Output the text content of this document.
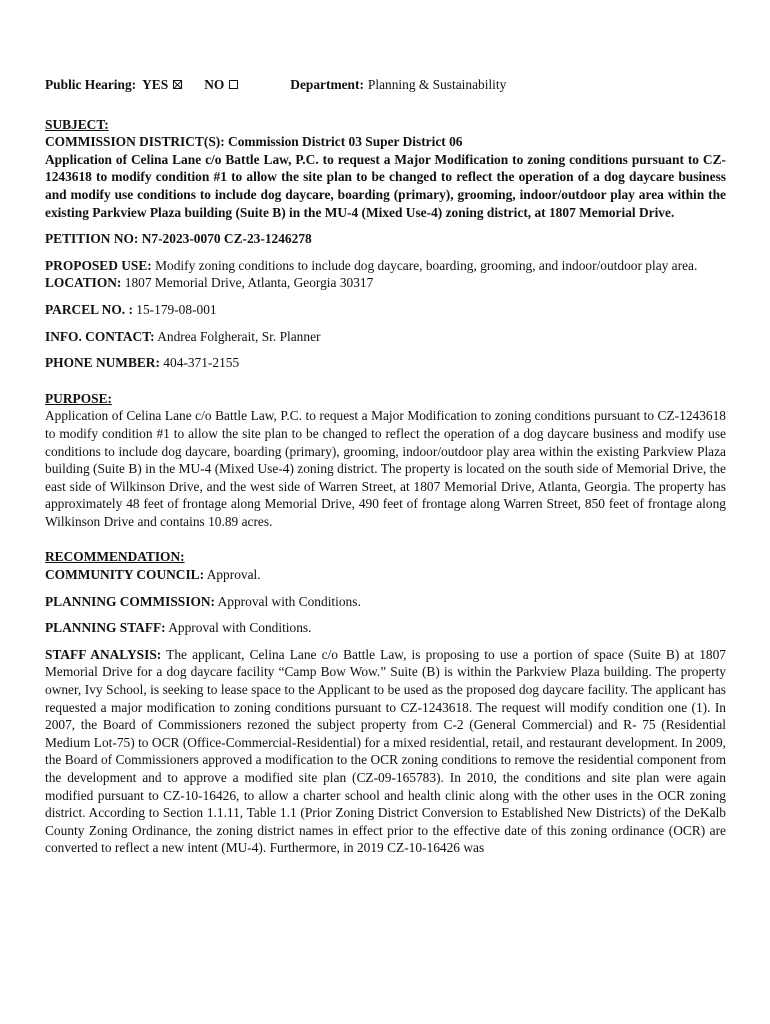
Public Hearing: YES	NO	Department: Planning & Sustainability
SUBJECT:
COMMISSION DISTRICT(S): Commission District 03 Super District 06

Application of Celina Lane c/o Battle Law, P.C. to request a Major Modification to zoning conditions pursuant to CZ-1243618 to modify condition #1 to allow the site plan to be changed to reflect the operation of a dog daycare business and modify use conditions to include dog daycare, boarding (primary), grooming, indoor/outdoor play area within the existing Parkview Plaza building (Suite B) in the MU-4 (Mixed Use-4) zoning district, at 1807 Memorial Drive.

PETITION NO: N7-2023-0070 CZ-23-1246278

PROPOSED USE: Modify zoning conditions to include dog daycare, boarding, grooming, and indoor/outdoor play area.

LOCATION: 1807 Memorial Drive, Atlanta, Georgia 30317

PARCEL NO. : 15-179-08-001

INFO. CONTACT: Andrea Folgherait, Sr. Planner

PHONE NUMBER: 404-371-2155

PURPOSE:

Application of Celina Lane c/o Battle Law, P.C. to request a Major Modification to zoning conditions pursuant to CZ-1243618 to modify condition #1 to allow the site plan to be changed to reflect the operation of a dog daycare business and modify use conditions to include dog daycare, boarding (primary), grooming, indoor/outdoor play area within the existing Parkview Plaza building (Suite B) in the MU-4 (Mixed Use-4) zoning district. The property is located on the south side of Memorial Drive, the east side of Wilkinson Drive, and the west side of Warren Street, at 1807 Memorial Drive, Atlanta, Georgia. The property has approximately 48 feet of frontage along Memorial Drive, 490 feet of frontage along Warren Street, 850 feet of frontage along Wilkinson Drive and contains 10.89 acres.

RECOMMENDATION:

COMMUNITY COUNCIL: Approval.

PLANNING COMMISSION: Approval with Conditions.

PLANNING STAFF: Approval with Conditions.

STAFF ANALYSIS: The applicant, Celina Lane c/o Battle Law, is proposing to use a portion of space (Suite B) at 1807 Memorial Drive for a dog daycare facility “Camp Bow Wow.” Suite (B) is within the Parkview Plaza building. The property owner, Ivy School, is seeking to lease space to the Applicant to be used as the proposed dog daycare facility. The applicant has requested a major modification to zoning conditions pursuant to CZ-1243618. The request will modify condition one (1). In 2007, the Board of Commissioners rezoned the subject property from C-2 (General Commercial) and R- 75 (Residential Medium Lot-75) to OCR (Office-Commercial-Residential) for a mixed residential, retail, and restaurant development. In 2009, the Board of Commissioners approved a modification to the OCR zoning conditions to remove the residential component from the development and to approve a modified site plan (CZ-09-165783). In 2010, the conditions and site plan were again modified pursuant to CZ-10-16426, to allow a charter school and health clinic along with the other uses in the OCR zoning district. According to Section 1.1.11, Table 1.1 (Prior Zoning District Conversion to Established New Districts) of the DeKalb County Zoning Ordinance, the zoning district names in effect prior to the effective date of this zoning ordinance (OCR) are converted to reflect a new intent (MU-4). Furthermore, in 2019 CZ-10-16426 was
